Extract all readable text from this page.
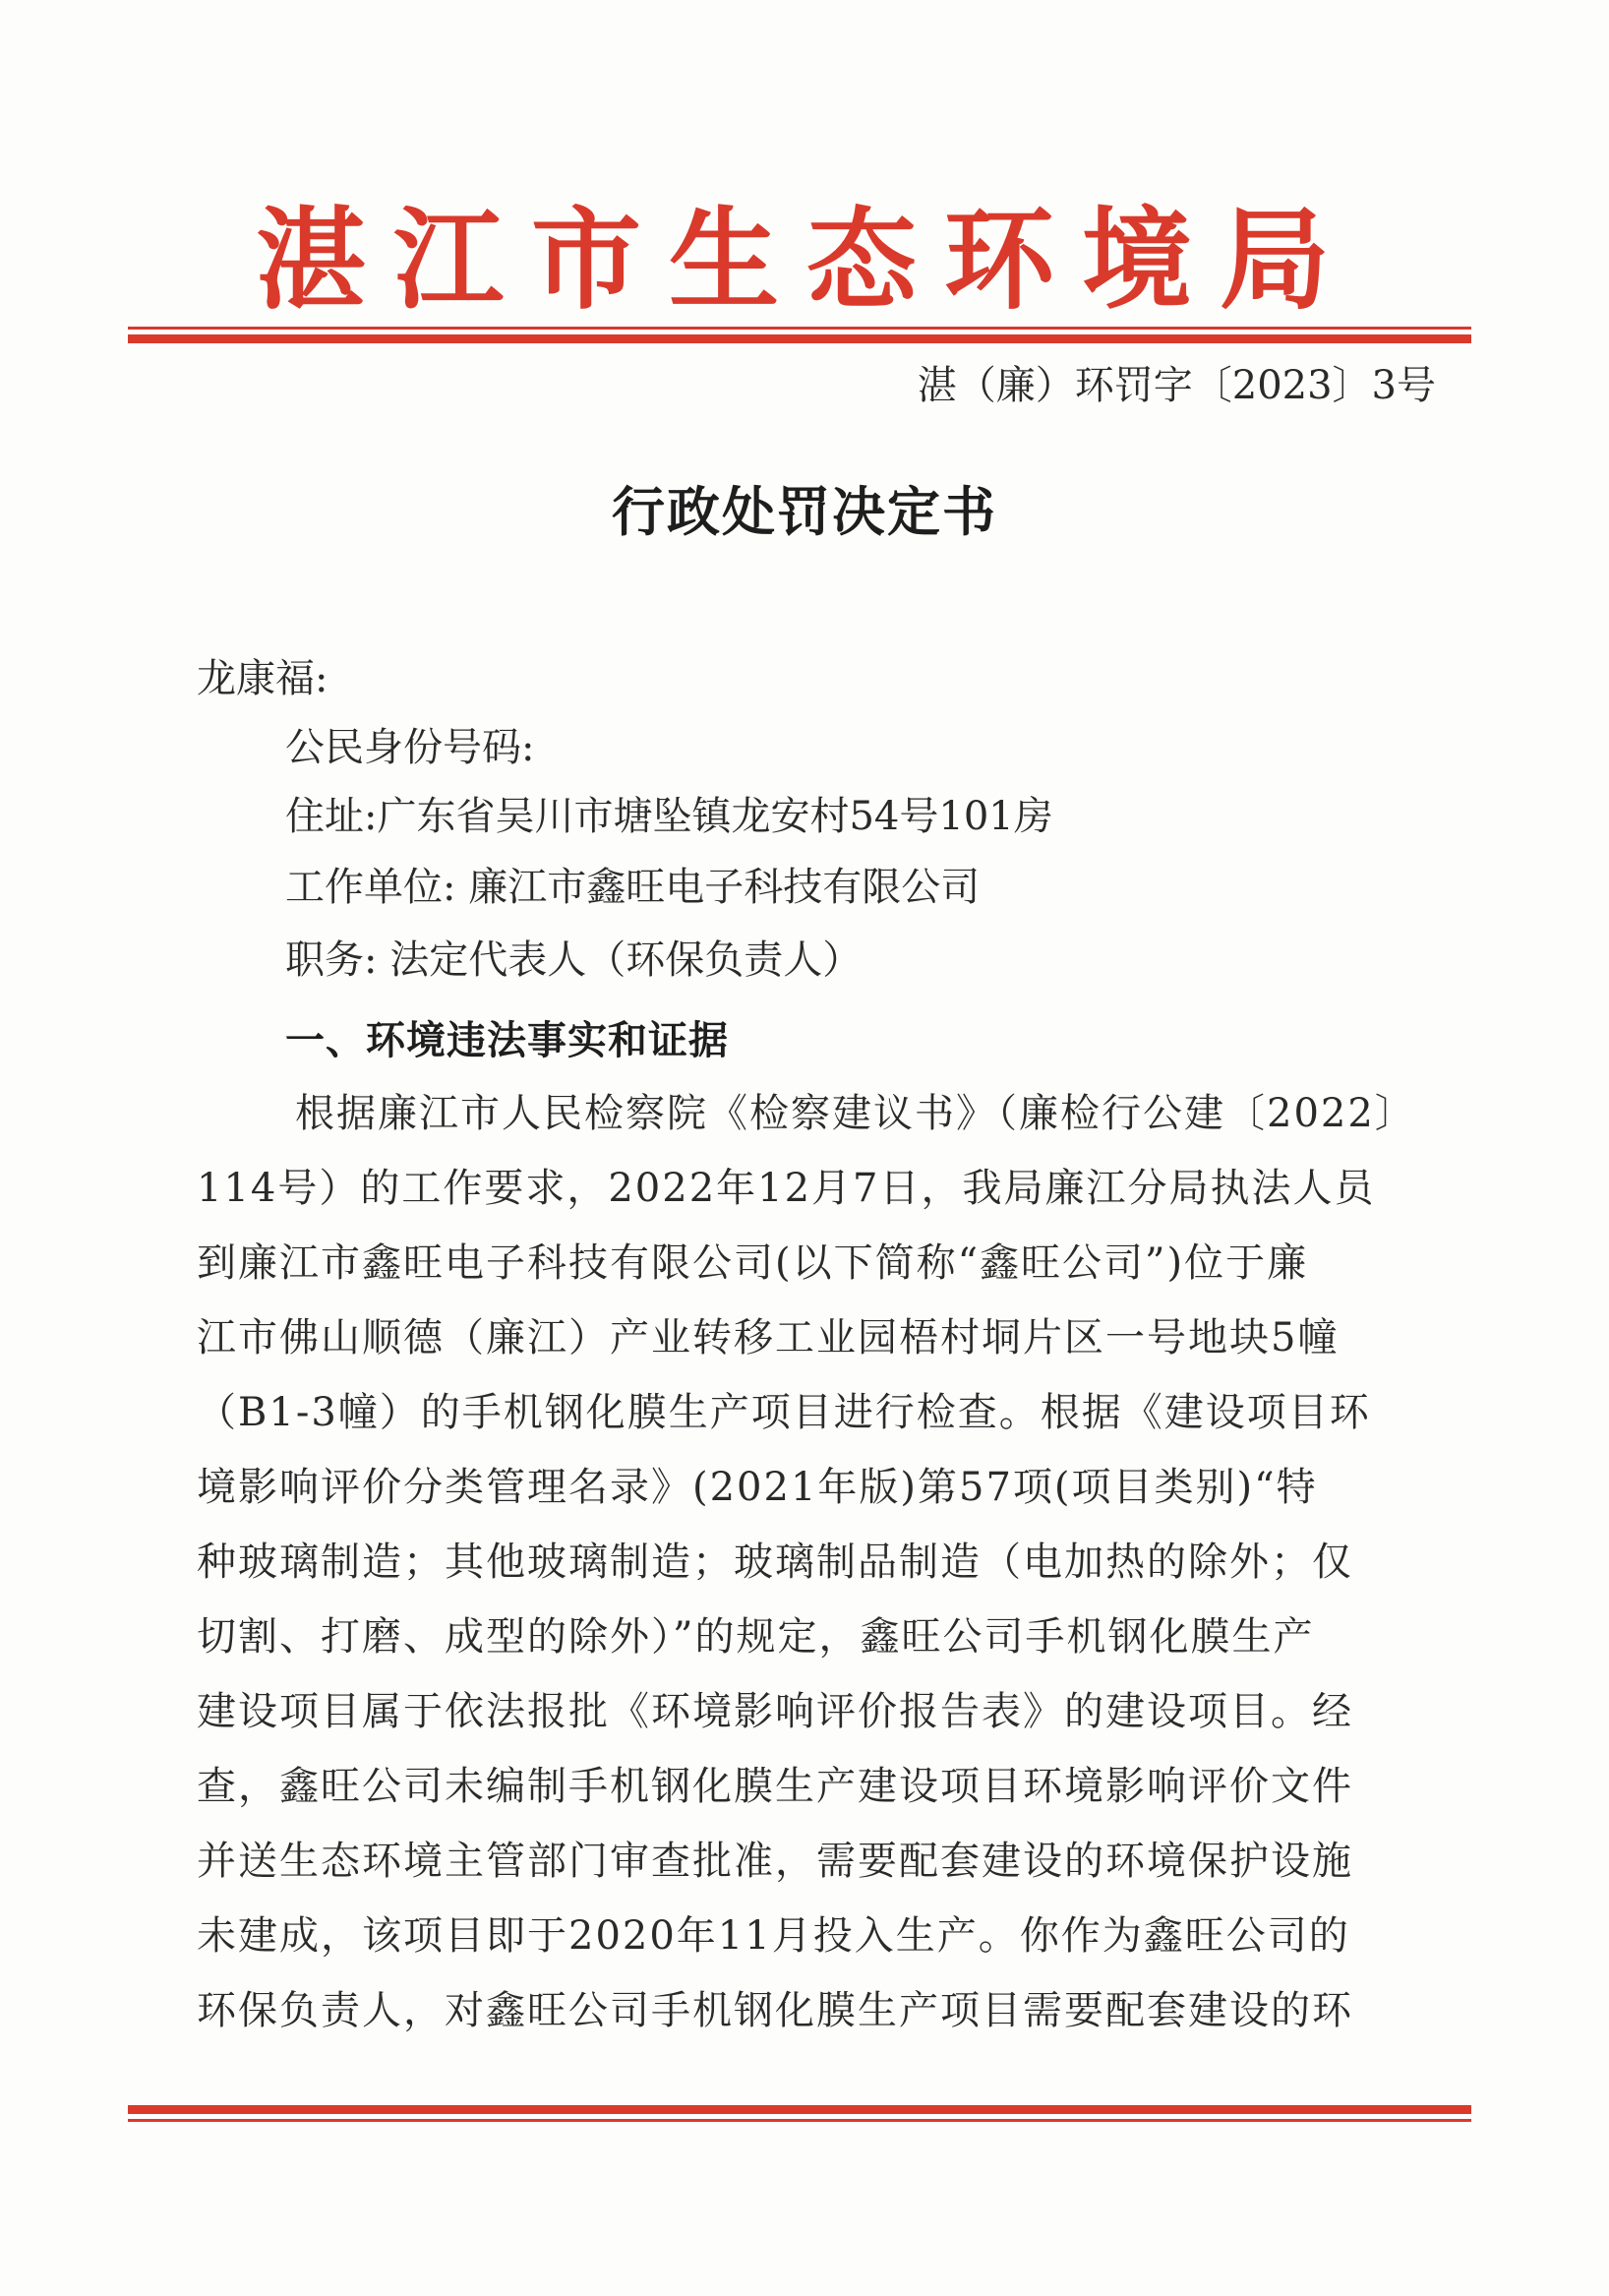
湛江市生态环境局
湛（廉）环罚字〔2023〕3号
行政处罚决定书
龙康福:
公民身份号码:
住址:广东省吴川市塘坠镇龙安村54号101房
工作单位: 廉江市鑫旺电子科技有限公司
职务: 法定代表人（环保负责人）
一、环境违法事实和证据
根据廉江市人民检察院《检察建议书》（廉检行公建〔2022〕
114号）的工作要求，2022年12月7日，我局廉江分局执法人员
到廉江市鑫旺电子科技有限公司(以下简称“鑫旺公司”)位于廉
江市佛山顺德（廉江）产业转移工业园梧村垌片区一号地块5幢
（B1-3幢）的手机钢化膜生产项目进行检查。根据《建设项目环
境影响评价分类管理名录》(2021年版)第57项(项目类别)“特
种玻璃制造；其他玻璃制造；玻璃制品制造（电加热的除外；仅
切割、打磨、成型的除外）”的规定，鑫旺公司手机钢化膜生产
建设项目属于依法报批《环境影响评价报告表》的建设项目。经
查，鑫旺公司未编制手机钢化膜生产建设项目环境影响评价文件
并送生态环境主管部门审查批准，需要配套建设的环境保护设施
未建成，该项目即于2020年11月投入生产。你作为鑫旺公司的
环保负责人，对鑫旺公司手机钢化膜生产项目需要配套建设的环
